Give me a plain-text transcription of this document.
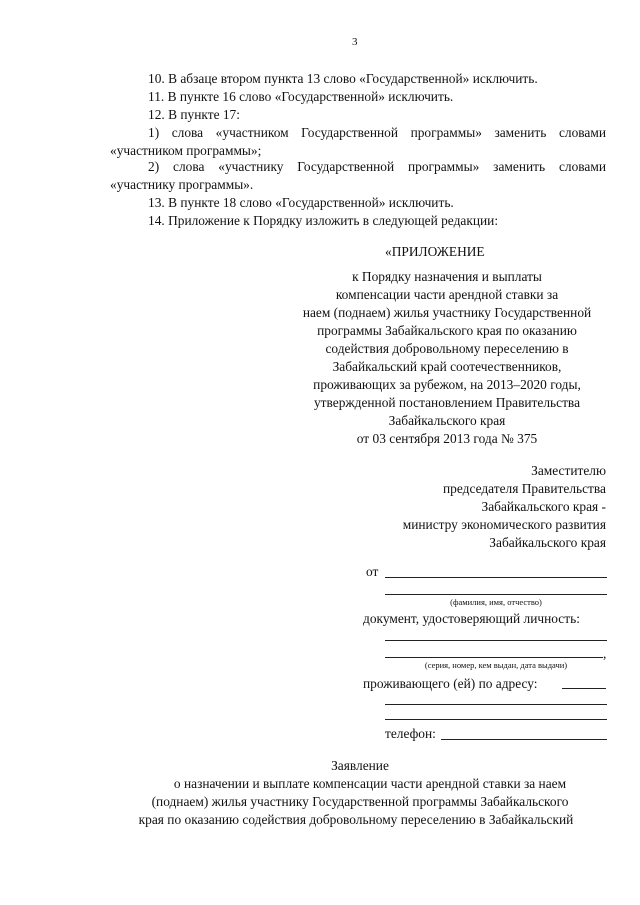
3
10. В абзаце втором пункта 13 слово «Государственной» исключить.
11. В пункте 16 слово «Государственной» исключить.
12. В пункте 17:
1) слова «участником Государственной программы» заменить словами
«участником программы»;
2) слова «участнику Государственной программы» заменить словами
«участнику программы».
13. В пункте 18 слово «Государственной» исключить.
14. Приложение к Порядку изложить в следующей редакции:
«ПРИЛОЖЕНИЕ
к Порядку назначения и выплаты
компенсации части арендной ставки за
наем (поднаем) жилья участнику Государственной
программы Забайкальского края по оказанию
содействия добровольному переселению в
Забайкальский край соотечественников,
проживающих за рубежом, на 2013–2020 годы,
утвержденной постановлением Правительства
Забайкальского края
от 03 сентября 2013 года № 375
Заместителю
председателя Правительства
Забайкальского края -
министру экономического развития
Забайкальского края
от
(фамилия, имя, отчество)
документ, удостоверяющий личность:
,
(серия, номер, кем выдан, дата выдачи)
проживающего (ей) по адресу:
телефон:
Заявление
о назначении и выплате компенсации части арендной ставки за наем
(поднаем) жилья участнику Государственной программы Забайкальского
края по оказанию содействия добровольному переселению в Забайкальский
